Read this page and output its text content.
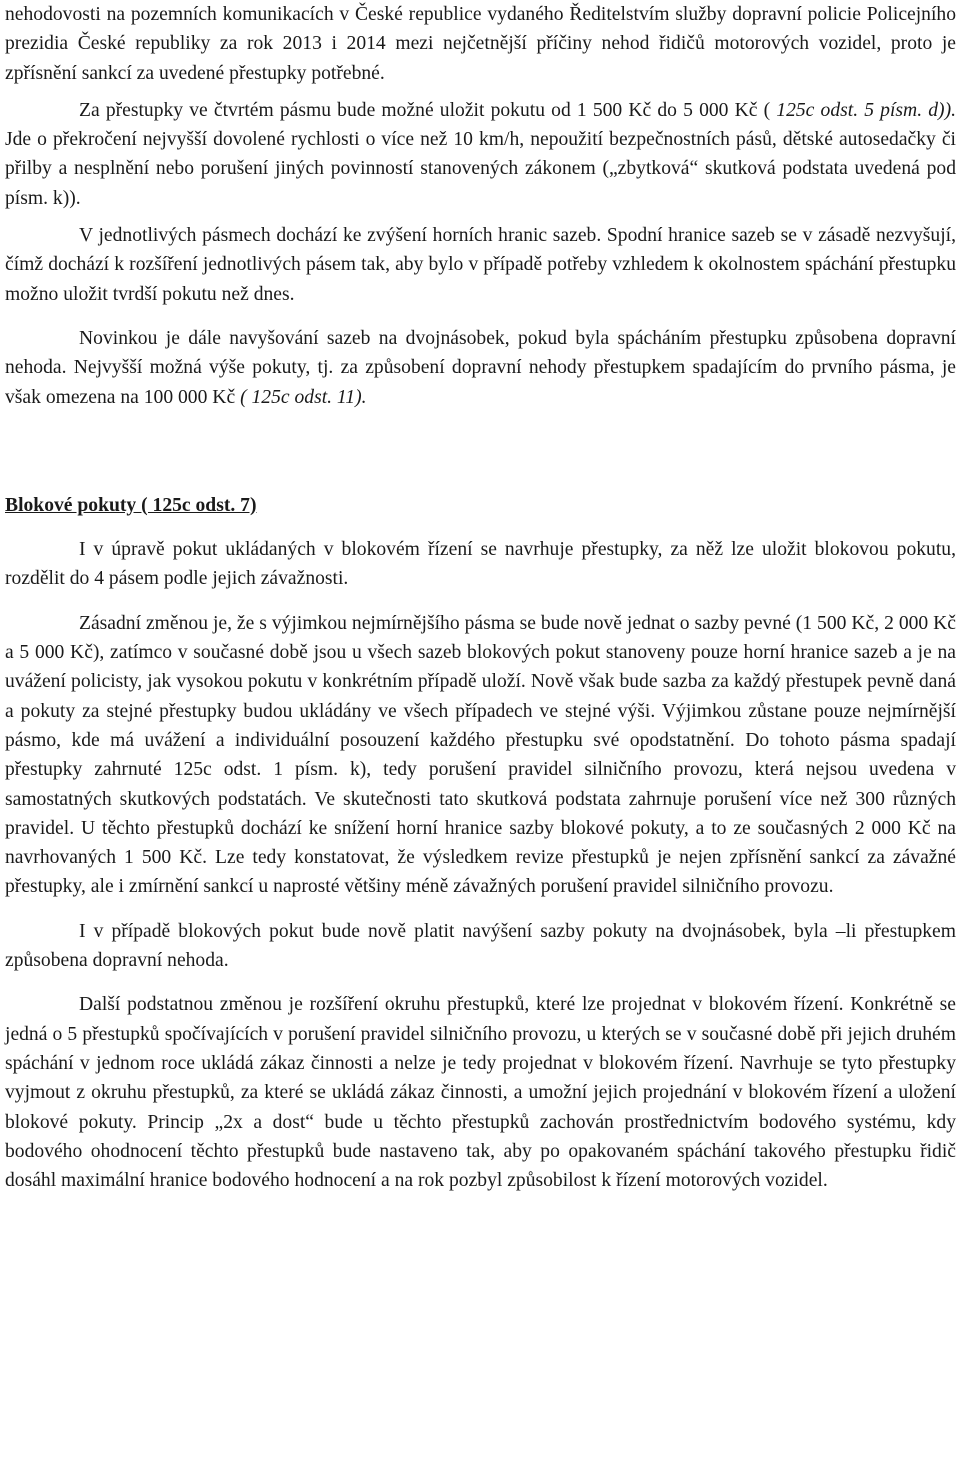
nehodovosti na pozemních komunikacích v České republice vydaného Ředitelstvím služby dopravní policie Policejního prezidia České republiky za rok 2013 i 2014 mezi nejčetnější příčiny nehod řidičů motorových vozidel, proto je zpřísnění sankcí za uvedené přestupky potřebné.

Za přestupky ve čtvrtém pásmu bude možné uložit pokutu od 1 500 Kč do 5 000 Kč ( 125c odst. 5 písm. d)). Jde o překročení nejvyšší dovolené rychlosti o více než 10 km/h, nepoužití bezpečnostních pásů, dětské autosedačky či přilby a nesplnění nebo porušení jiných povinností stanovených zákonem („zbytková“ skutková podstata uvedená pod písm. k)).

V jednotlivých pásmech dochází ke zvýšení horních hranic sazeb. Spodní hranice sazeb se v zásadě nezvyšují, čímž dochází k rozšíření jednotlivých pásem tak, aby bylo v případě potřeby vzhledem k okolnostem spáchání přestupku možno uložit tvrdší pokutu než dnes.

Novinkou je dále navyšování sazeb na dvojnásobek, pokud byla spácháním přestupku způsobena dopravní nehoda. Nejvyšší možná výše pokuty, tj. za způsobení dopravní nehody přestupkem spadajícím do prvního pásma, je však omezena na 100 000 Kč ( 125c odst. 11).

Blokové pokuty ( 125c odst. 7)

I v úpravě pokut ukládaných v blokovém řízení se navrhuje přestupky, za něž lze uložit blokovou pokutu, rozdělit do 4 pásem podle jejich závažnosti.

Zásadní změnou je, že s výjimkou nejmírnějšího pásma se bude nově jednat o sazby pevné (1 500 Kč, 2 000 Kč a 5 000 Kč), zatímco v současné době jsou u všech sazeb blokových pokut stanoveny pouze horní hranice sazeb a je na uvážení policisty, jak vysokou pokutu v konkrétním případě uloží. Nově však bude sazba za každý přestupek pevně daná a pokuty za stejné přestupky budou ukládány ve všech případech ve stejné výši. Výjimkou zůstane pouze nejmírnější pásmo, kde má uvážení a individuální posouzení každého přestupku své opodstatnění. Do tohoto pásma spadají přestupky zahrnuté 125c odst. 1 písm. k), tedy porušení pravidel silničního provozu, která nejsou uvedena v samostatných skutkových podstatách. Ve skutečnosti tato skutková podstata zahrnuje porušení více než 300 různých pravidel. U těchto přestupků dochází ke snížení horní hranice sazby blokové pokuty, a to ze současných 2 000 Kč na navrhovaných 1 500 Kč. Lze tedy konstatovat, že výsledkem revize přestupků je nejen zpřísnění sankcí za závažné přestupky, ale i zmírnění sankcí u naprosté většiny méně závažných porušení pravidel silničního provozu.

I v případě blokových pokut bude nově platit navýšení sazby pokuty na dvojnásobek, byla –li přestupkem způsobena dopravní nehoda.

Další podstatnou změnou je rozšíření okruhu přestupků, které lze projednat v blokovém řízení. Konkrétně se jedná o 5 přestupků spočívajících v porušení pravidel silničního provozu, u kterých se v současné době při jejich druhém spáchání v jednom roce ukládá zákaz činnosti a nelze je tedy projednat v blokovém řízení. Navrhuje se tyto přestupky vyjmout z okruhu přestupků, za které se ukládá zákaz činnosti, a umožní jejich projednání v blokovém řízení a uložení blokové pokuty. Princip „2x a dost“ bude u těchto přestupků zachován prostřednictvím bodového systému, kdy bodového ohodnocení těchto přestupků bude nastaveno tak, aby po opakovaném spáchání takového přestupku řidič dosáhl maximální hranice bodového hodnocení a na rok pozbyl způsobilost k řízení motorových vozidel.
